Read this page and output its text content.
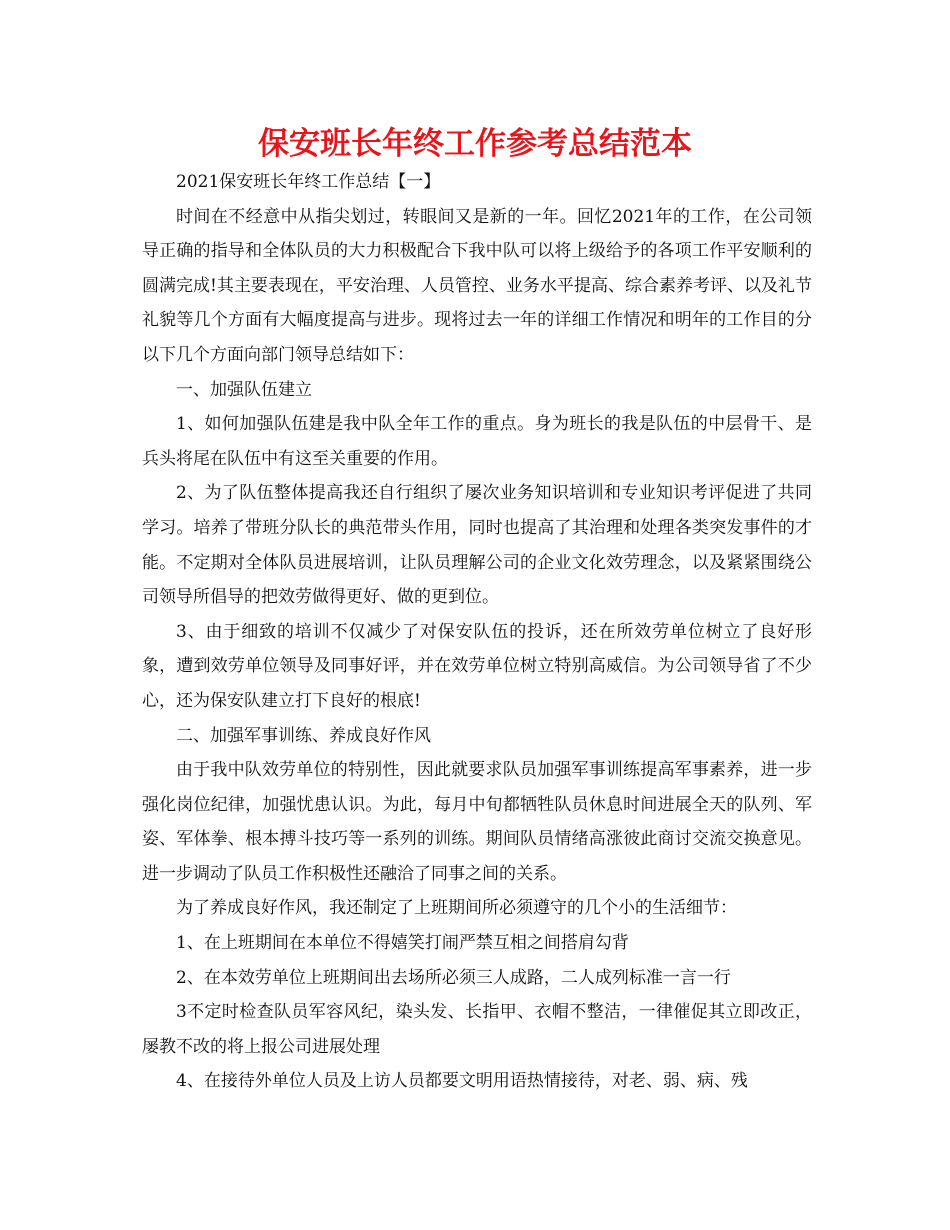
保安班长年终工作参考总结范本

2021保安班长年终工作总结【一】

时间在不经意中从指尖划过，转眼间又是新的一年。回忆2021年的工作，在公司领导正确的指导和全体队员的大力积极配合下我中队可以将上级给予的各项工作平安顺利的圆满完成!其主要表现在，平安治理、人员管控、业务水平提高、综合素养考评、以及礼节礼貌等几个方面有大幅度提高与进步。现将过去一年的详细工作情况和明年的工作目的分以下几个方面向部门领导总结如下：

一、加强队伍建立

1、如何加强队伍建是我中队全年工作的重点。身为班长的我是队伍的中层骨干、是兵头将尾在队伍中有这至关重要的作用。

2、为了队伍整体提高我还自行组织了屡次业务知识培训和专业知识考评促进了共同学习。培养了带班分队长的典范带头作用，同时也提高了其治理和处理各类突发事件的才能。不定期对全体队员进展培训，让队员理解公司的企业文化效劳理念，以及紧紧围绕公司领导所倡导的把效劳做得更好、做的更到位。

3、由于细致的培训不仅减少了对保安队伍的投诉，还在所效劳单位树立了良好形象，遭到效劳单位领导及同事好评，并在效劳单位树立特别高威信。为公司领导省了不少心，还为保安队建立打下良好的根底!

二、加强军事训练、养成良好作风

由于我中队效劳单位的特别性，因此就要求队员加强军事训练提高军事素养，进一步强化岗位纪律，加强忧患认识。为此，每月中旬都牺牲队员休息时间进展全天的队列、军姿、军体拳、根本搏斗技巧等一系列的训练。期间队员情绪高涨彼此商讨交流交换意见。进一步调动了队员工作积极性还融洽了同事之间的关系。

为了养成良好作风，我还制定了上班期间所必须遵守的几个小的生活细节：

1、在上班期间在本单位不得嬉笑打闹严禁互相之间搭肩勾背

2、在本效劳单位上班期间出去场所必须三人成路，二人成列标准一言一行

3不定时检查队员军容风纪，染头发、长指甲、衣帽不整洁，一律催促其立即改正，屡教不改的将上报公司进展处理

4、在接待外单位人员及上访人员都要文明用语热情接待，对老、弱、病、残
